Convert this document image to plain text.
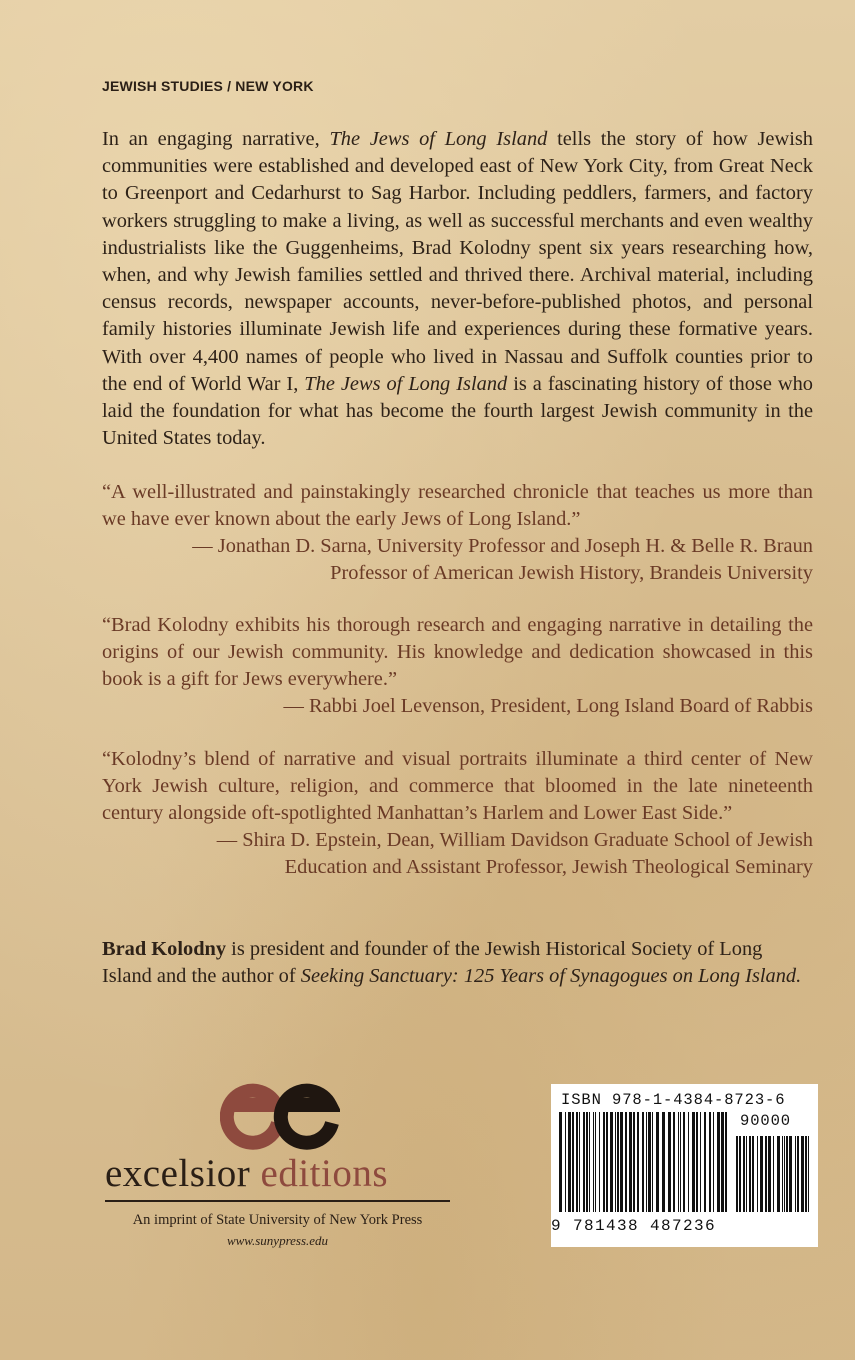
JEWISH STUDIES / NEW YORK

In an engaging narrative, The Jews of Long Island tells the story of how Jewish communities were established and developed east of New York City, from Great Neck to Greenport and Cedarhurst to Sag Harbor. Including peddlers, farmers, and factory workers struggling to make a living, as well as successful merchants and even wealthy industrialists like the Guggenheims, Brad Kolodny spent six years researching how, when, and why Jewish families settled and thrived there. Archival material, including census records, newspaper accounts, never-before-published photos, and personal family histories illuminate Jewish life and experiences during these formative years. With over 4,400 names of people who lived in Nassau and Suffolk counties prior to the end of World War I, The Jews of Long Island is a fascinating history of those who laid the foundation for what has become the fourth largest Jewish community in the United States today.

“A well-illustrated and painstakingly researched chronicle that teaches us more than we have ever known about the early Jews of Long Island.”

— Jonathan D. Sarna, University Professor and Joseph H. & Belle R. Braun
Professor of American Jewish History, Brandeis University

“Brad Kolodny exhibits his thorough research and engaging narrative in detailing the origins of our Jewish community. His knowledge and dedication showcased in this book is a gift for Jews everywhere.”

— Rabbi Joel Levenson, President, Long Island Board of Rabbis

“Kolodny’s blend of narrative and visual portraits illuminate a third center of New York Jewish culture, religion, and commerce that bloomed in the late nineteenth century alongside oft-spotlighted Manhattan’s Harlem and Lower East Side.”

— Shira D. Epstein, Dean, William Davidson Graduate School of Jewish
Education and Assistant Professor, Jewish Theological Seminary

Brad Kolodny is president and founder of the Jewish Historical Society of Long Island and the author of Seeking Sanctuary: 125 Years of Synagogues on Long Island.

excelsior editions
An imprint of State University of New York Press
www.sunypress.edu
ISBN 978-1-4384-8723-6
90000
9 781438 487236
